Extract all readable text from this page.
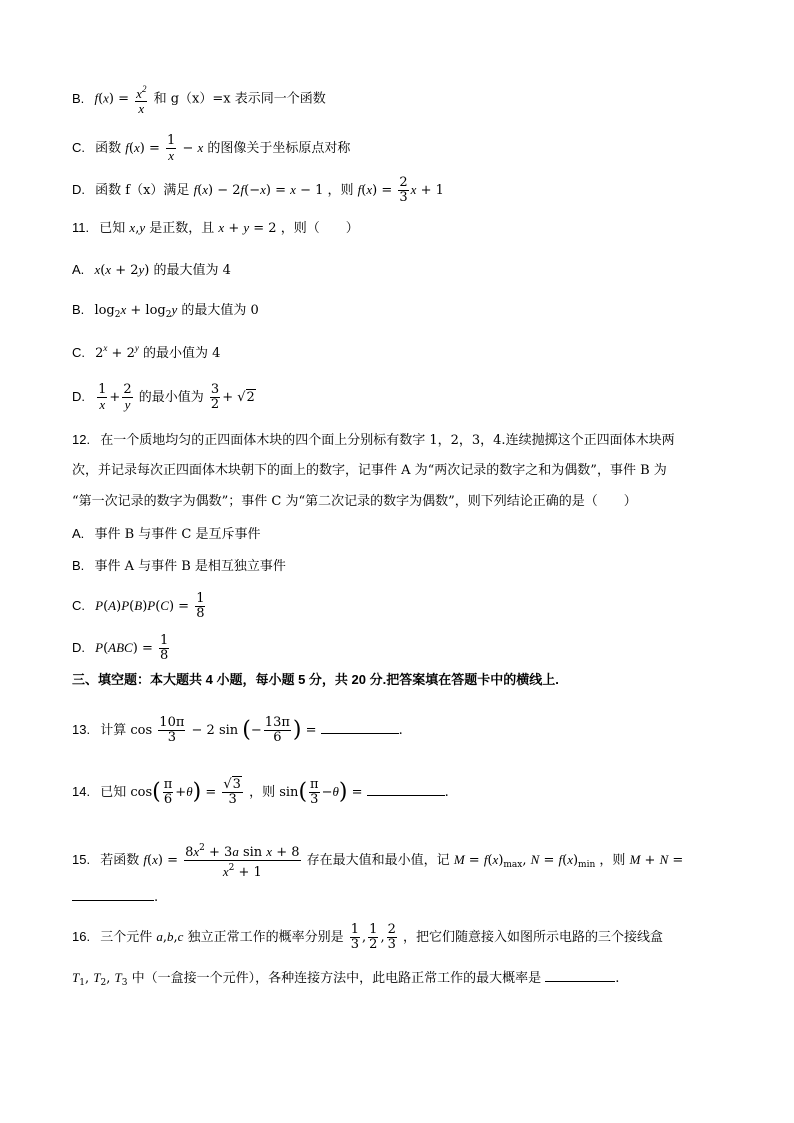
B. $f(x) = \frac{x^2}{x}$ 和 g（x）=x 表示同一个函数
C. 函数 $f(x) = \frac{1}{x} - x$ 的图像关于坐标原点对称
D. 函数 f（x）满足 f(x) − 2f(−x) = x − 1 ，则 $f(x) = \frac{2}{3}$ x + 1
11. 已知 x,y 是正数，且 x + y = 2 ，则（　　）
A. x(x + 2y) 的最大值为 4
B. $\log_2x + \log_2y$ 的最大值为 0
C. $2^x + 2^y$ 的最小值为 4
D. $\frac{1}{x} + \frac{2}{y}$ 的最小值为 $\frac{3}{2} + √2$
12. 在一个质地均匀的正四面体木块的四个面上分别标有数字 1，2，3，4.连续抛掷这个正四面体木块两
次，并记录每次正四面体木块朝下的面上的数字，记事件 A 为“两次记录的数字之和为偶数”，事件 B 为
“第一次记录的数字为偶数”；事件 C 为“第二次记录的数字为偶数”，则下列结论正确的是（　　）
A. 事件 B 与事件 C 是互斥事件
B. 事件 A 与事件 B 是相互独立事件
C. $P(A)P(B)P(C) = \frac{1}{8}$
D. $P(ABC) = \frac{1}{8}$
三、填空题：本大题共 4 小题，每小题 5 分，共 20 分.把答案填在答题卡中的横线上.
13. 计算 $\cos \frac{10\pi}{3} - 2$ sin (− $\frac{13\pi}{6}$ ) =	.
14. 已知 $\cos( \frac{\pi}{6} +\theta) = \frac{√3}{3}$ ，则 $\sin( \frac{\pi}{3} -\theta)$ =	.
15. 若函数 $f(x) = \frac{8x^2 + 3a \sin x + 8}{x^2 + 1}$ 存在最大值和最小值，记 $M = f(x)_{max}$, $N = f(x)_{min}$ ，则 M + N =
.
16. 三个元件 a,b,c 独立正常工作的概率分别是 $\frac{1}{3}$ , $\frac{1}{2}$ , $\frac{2}{3}$ ，把它们随意接入如图所示电路的三个接线盒
$T_1$, $T_2$, $T_3$ 中（一盒接一个元件），各种连接方法中，此电路正常工作的最大概率是	.
